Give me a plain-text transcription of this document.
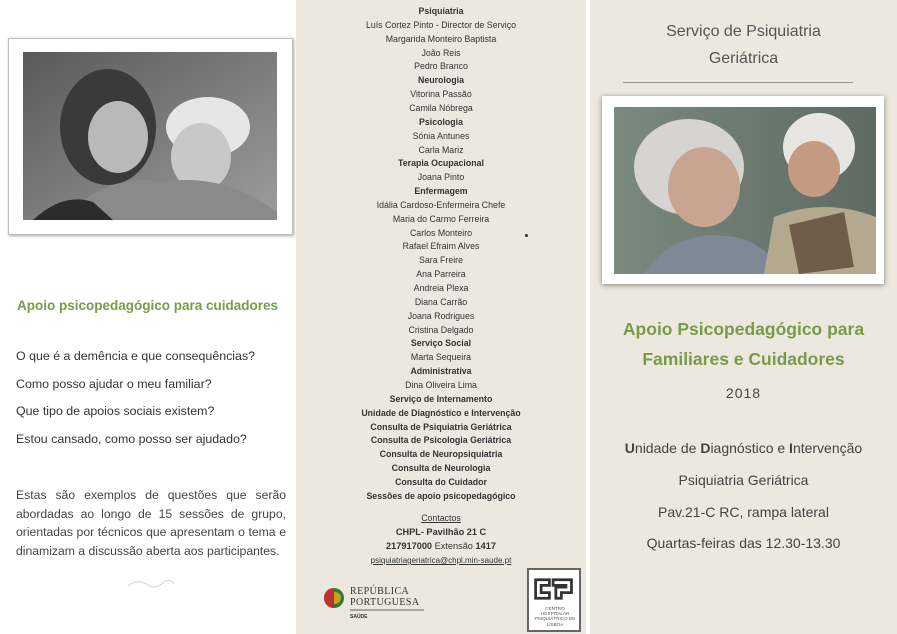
Apoio psicopedagógico para cuidadores
O que é a demência e que consequências?
Como posso ajudar o meu familiar?
Que tipo de apoios sociais existem?
Estou cansado, como posso ser ajudado?
Estas são exemplos de questões que serão abordadas ao longo de 15 sessões de grupo, orientadas por técnicos que apresentam o tema e dinamizam a discussão aberta aos participantes.
Psiquiatria
Luís Cortez Pinto - Director de Serviço
Margarida Monteiro Baptista
João Reis
Pedro Branco
Neurologia
Vitorina Passão
Camila Nóbrega
Psicologia
Sónia Antunes
Carla Mariz
Terapia Ocupacional
Joana Pinto
Enfermagem
Idália Cardoso-Enfermeira Chefe
Maria do Carmo Ferreira
Carlos Monteiro
Rafael Efraim Alves
Sara Freire
Ana Parreira
Andreia Plexa
Diana Carrão
Joana Rodrigues
Cristina Delgado
Serviço Social
Marta Sequeira
Administrativa
Dina Oliveira Lima
Serviço de Internamento
Unidade de Diagnóstico e Intervenção
Consulta de Psiquiatria Geriátrica
Consulta de Psicologia Geriátrica
Consulta de Neuropsiquiatria
Consulta de Neurologia
Consulta do Cuidador
Sessões de apoio psicopedagógico
Contactos
CHPL- Pavilhão 21 C
217917000 Extensão 1417
psiquiatriageriatrica@chpl.min-saude.pt
REPÚBLICA
PORTUGUESA
SAÚDE
CENTRO HOSPITALAR PSIQUIÁTRICO DE LISBOA
Serviço de Psiquiatria
Geriátrica
Apoio Psicopedagógico para
Familiares e Cuidadores
2018
Unidade de Diagnóstico e Intervenção
Psiquiatria Geriátrica
Pav.21-C RC, rampa lateral
Quartas-feiras das 12.30-13.30
